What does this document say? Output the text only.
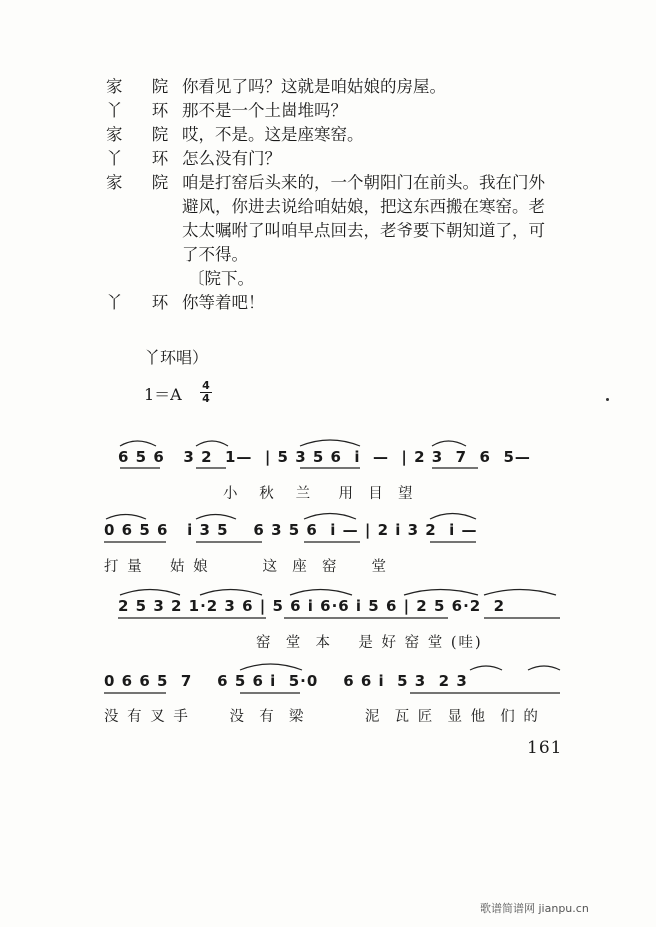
家 院 你看见了吗？这就是咱姑娘的房屋。
丫 环 那不是一个土崮堆吗？
家 院 哎，不是。这是座寒窑。
丫 环 怎么没有门？
家 院 咱是打窑后头来的，一个朝阳门在前头。我在门外
避风，你进去说给咱姑娘，把这东西搬在寒窑。老
太太嘱咐了叫咱早点回去，老爷要下朝知道了，可
了不得。
〔院下。
丫 环 你等着吧！
丫环唱）
1＝A 4
4
6 5 6   3 2  1—  | 5 3 5 6  i  —  | 2 3  7  6  5—
小   秋   兰    用  目  望
0 6 5 6   i 3 5    6 3 5 6  i — | 2 i 3 2  i —
打 量    姑 娘        这  座  窑     堂
2 5 3 2 1·2 3 6 | 5 6 i 6·6 i 5 6 | 2 5 6·2  2
窑  堂  本    是 好 窑 堂 (哇)
0 6 6 5  7    6 5 6 i  5·0    6 6 i  5 3  2 3
没 有 叉 手      没  有  梁         泥  瓦 匠  显 他  们 的
161
歌谱简谱网 jianpu.cn
